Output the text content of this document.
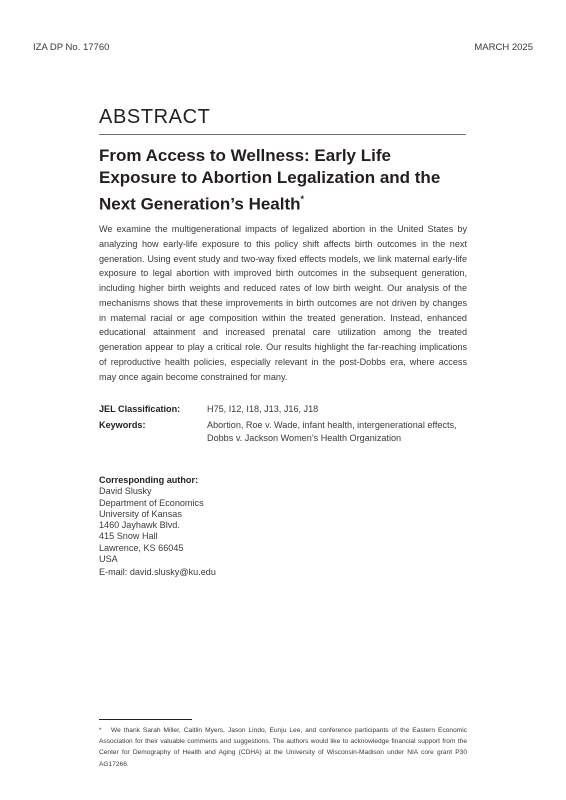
IZA DP No. 17760	MARCH 2025
ABSTRACT
From Access to Wellness: Early Life Exposure to Abortion Legalization and the Next Generation’s Health*

We examine the multigenerational impacts of legalized abortion in the United States by analyzing how early-life exposure to this policy shift affects birth outcomes in the next generation. Using event study and two-way fixed effects models, we link maternal early-life exposure to legal abortion with improved birth outcomes in the subsequent generation, including higher birth weights and reduced rates of low birth weight. Our analysis of the mechanisms shows that these improvements in birth outcomes are not driven by changes in maternal racial or age composition within the treated generation. Instead, enhanced educational attainment and increased prenatal care utilization among the treated generation appear to play a critical role. Our results highlight the far-reaching implications of reproductive health policies, especially relevant in the post-Dobbs era, where access may once again become constrained for many.

JEL Classification:	H75, I12, I18, J13, J16, J18
Keywords:	Abortion, Roe v. Wade, infant health, intergenerational effects,
Dobbs v. Jackson Women’s Health Organization
Corresponding author:
David Slusky
Department of Economics
University of Kansas
1460 Jayhawk Blvd.
415 Snow Hall
Lawrence, KS 66045
USA
E-mail: david.slusky@ku.edu
* We thank Sarah Miller, Caitlin Myers, Jason Lindo, Eunju Lee, and conference participants of the Eastern Economic Association for their valuable comments and suggestions. The authors would like to acknowledge financial support from the Center for Demography of Health and Aging (CDHA) at the University of Wisconsin-Madison under NIA core grant P30 AG17266.
